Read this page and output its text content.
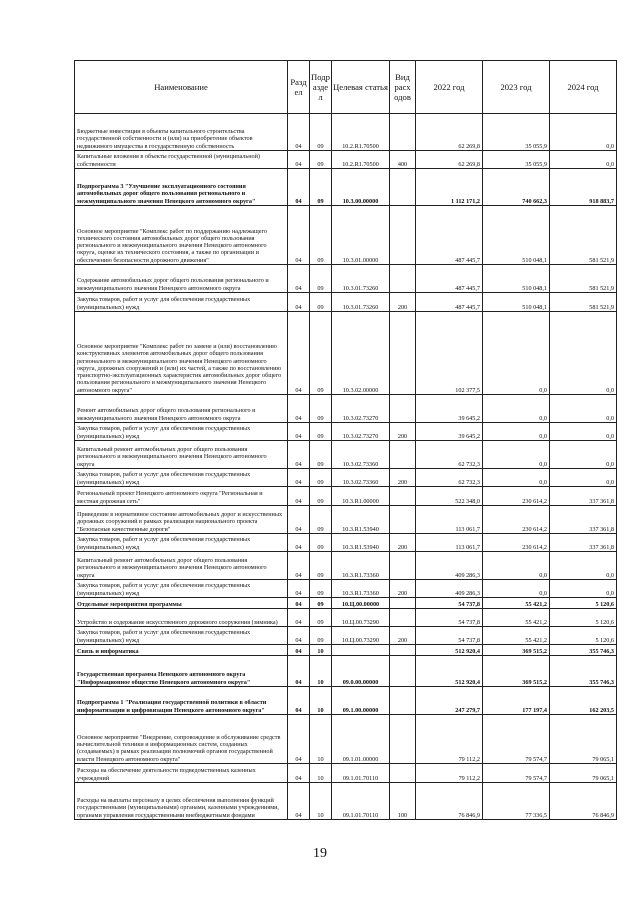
Наименование	Разд ел	Подр азде л	Целевая статья	Вид расх одов	2022 год	2023 год	2024 год
Бюджетные инвестиции в объекты капитального строительства государственной собственности и (или) на приобретение объектов недвижимого имущества в государственную собственность	04	09	10.2.R1.70500		62 269,8	35 055,9	0,0
Капитальные вложения в объекты государственной (муниципальной) собственности	04	09	10.2.R1.70500	400	62 269,8	35 055,9	0,0
Подпрограмма 3 "Улучшение эксплуатационного состояния автомобильных дорог общего пользования регионального и межмуниципального значения Ненецкого автономного округа"	04	09	10.3.00.00000		1 112 171,2	740 662,3	918 883,7
Основное мероприятие "Комплекс работ по поддержанию надлежащего технического состояния автомобильных дорог общего пользования регионального и межмуниципального значения Ненецкого автономного округа, оценке их технического состояния, а также по организации и обеспечению безопасности дорожного движения"	04	09	10.3.01.00000		487 445,7	510 048,1	581 521,9
Содержание автомобильных дорог общего пользования регионального и межмуниципального значения Ненецкого автономного округа	04	09	10.3.01.73260		487 445,7	510 048,1	581 521,9
Закупка товаров, работ и услуг для обеспечения государственных (муниципальных) нужд	04	09	10.3.01.73260	200	487 445,7	510 048,1	581 521,9
Основное мероприятие "Комплекс работ по замене и (или) восстановлению конструктивных элементов автомобильных дорог общего пользования регионального и межмуниципального значения Ненецкого автономного округа, дорожных сооружений и (или) их частей, а также по восстановлению транспортно-эксплуатационных характеристик автомобильных дорог общего пользования регионального и межмуниципального значения Ненецкого автономного округа"	04	09	10.3.02.00000		102 377,5	0,0	0,0
Ремонт автомобильных дорог общего пользования регионального и межмуниципального значения Ненецкого автономного округа	04	09	10.3.02.73270		39 645,2	0,0	0,0
Закупка товаров, работ и услуг для обеспечения государственных (муниципальных) нужд	04	09	10.3.02.73270	200	39 645,2	0,0	0,0
Капитальный ремонт автомобильных дорог общего пользования регионального и межмуниципального значения Ненецкого автономного округа	04	09	10.3.02.73360		62 732,3	0,0	0,0
Закупка товаров, работ и услуг для обеспечения государственных (муниципальных) нужд	04	09	10.3.02.73360	200	62 732,3	0,0	0,0
Региональный проект Ненецкого автономного округа "Региональная и местная дорожная сеть"	04	09	10.3.R1.00000		522 348,0	230 614,2	337 361,8
Приведение в нормативное состояние автомобильных дорог и искусственных дорожных сооружений в рамках реализации национального проекта "Безопасные качественные дороги"	04	09	10.3.R1.53940		113 061,7	230 614,2	337 361,8
Закупка товаров, работ и услуг для обеспечения государственных (муниципальных) нужд	04	09	10.3.R1.53940	200	113 061,7	230 614,2	337 361,8
Капитальный ремонт автомобильных дорог общего пользования регионального и межмуниципального значения Ненецкого автономного округа	04	09	10.3.R1.73360		409 286,3	0,0	0,0
Закупка товаров, работ и услуг для обеспечения государственных (муниципальных) нужд	04	09	10.3.R1.73360	200	409 286,3	0,0	0,0
Отдельные мероприятия программы	04	09	10.Ц.00.00000		54 737,8	55 421,2	5 120,6
Устройство и содержание искусственного дорожного сооружения (зимника)	04	09	10.Ц.00.73290		54 737,8	55 421,2	5 120,6
Закупка товаров, работ и услуг для обеспечения государственных (муниципальных) нужд	04	09	10.Ц.00.73290	200	54 737,8	55 421,2	5 120,6
Связь и информатика	04	10			512 920,4	369 515,2	355 746,3
Государственная программа Ненецкого автономного округа "Информационное общество Ненецкого автономного округа"	04	10	09.0.00.00000		512 920,4	369 515,2	355 746,3
Подпрограмма 1 "Реализация государственной политики в области информатизации и цифровизации Ненецкого автономного округа"	04	10	09.1.00.00000		247 279,7	177 197,4	162 203,5
Основное мероприятие "Внедрение, сопровождение и обслуживание средств вычислительной техники и информационных систем, созданных (создаваемых) в рамках реализации полномочий органов государственной власти Ненецкого автономного округа"	04	10	09.1.01.00000		79 112,2	79 574,7	79 065,1
Расходы на обеспечение деятельности подведомственных казенных учреждений	04	10	09.1.01.70110		79 112,2	79 574,7	79 065,1
Расходы на выплаты персоналу в целях обеспечения выполнения функций государственными (муниципальными) органами, казенными учреждениями, органами управления государственными внебюджетными фондами	04	10	09.1.01.70110	100	76 846,9	77 336,5	76 846,9
19
